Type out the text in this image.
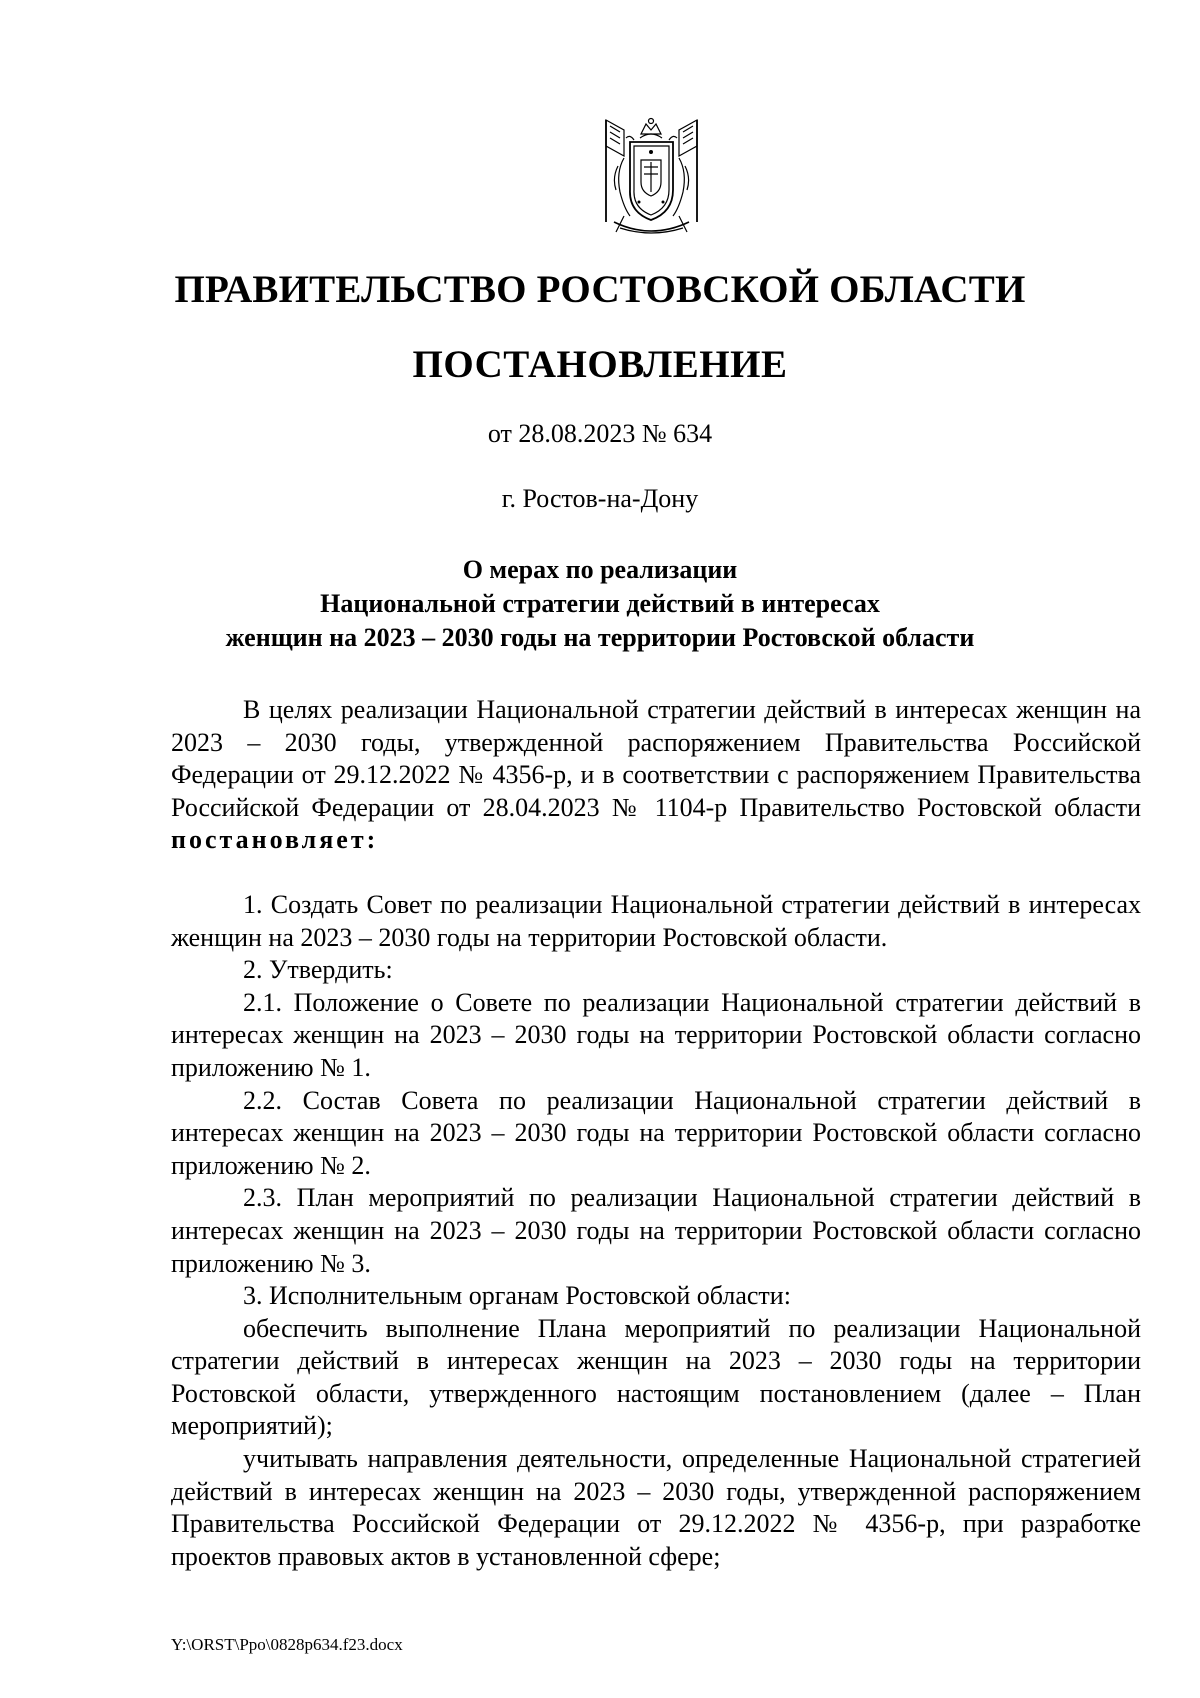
ПРАВИТЕЛЬСТВО РОСТОВСКОЙ ОБЛАСТИ
ПОСТАНОВЛЕНИЕ
от 28.08.2023 № 634
г. Ростов-на-Дону
О мерах по реализации
Национальной стратегии действий в интересах
женщин на 2023 – 2030 годы на территории Ростовской области

В целях реализации Национальной стратегии действий в интересах женщин на 2023 – 2030 годы, утвержденной распоряжением Правительства Российской Федерации от 29.12.2022 № 4356-р, и в соответствии с распоряжением Правительства Российской Федерации от 28.04.2023 № 1104-р Правительство Ростовской области постановляет:

1. Создать Совет по реализации Национальной стратегии действий в интересах женщин на 2023 – 2030 годы на территории Ростовской области.

2. Утвердить:

2.1. Положение о Совете по реализации Национальной стратегии действий в интересах женщин на 2023 – 2030 годы на территории Ростовской области согласно приложению № 1.

2.2. Состав Совета по реализации Национальной стратегии действий в интересах женщин на 2023 – 2030 годы на территории Ростовской области согласно приложению № 2.

2.3. План мероприятий по реализации Национальной стратегии действий в интересах женщин на 2023 – 2030 годы на территории Ростовской области согласно приложению № 3.

3. Исполнительным органам Ростовской области:

обеспечить выполнение Плана мероприятий по реализации Национальной стратегии действий в интересах женщин на 2023 – 2030 годы на территории Ростовской области, утвержденного настоящим постановлением (далее – План мероприятий);

учитывать направления деятельности, определенные Национальной стратегией действий в интересах женщин на 2023 – 2030 годы, утвержденной распоряжением Правительства Российской Федерации от 29.12.2022 № 4356-р, при разработке проектов правовых актов в установленной сфере;

Y:\ORST\Ppo\0828p634.f23.docx
